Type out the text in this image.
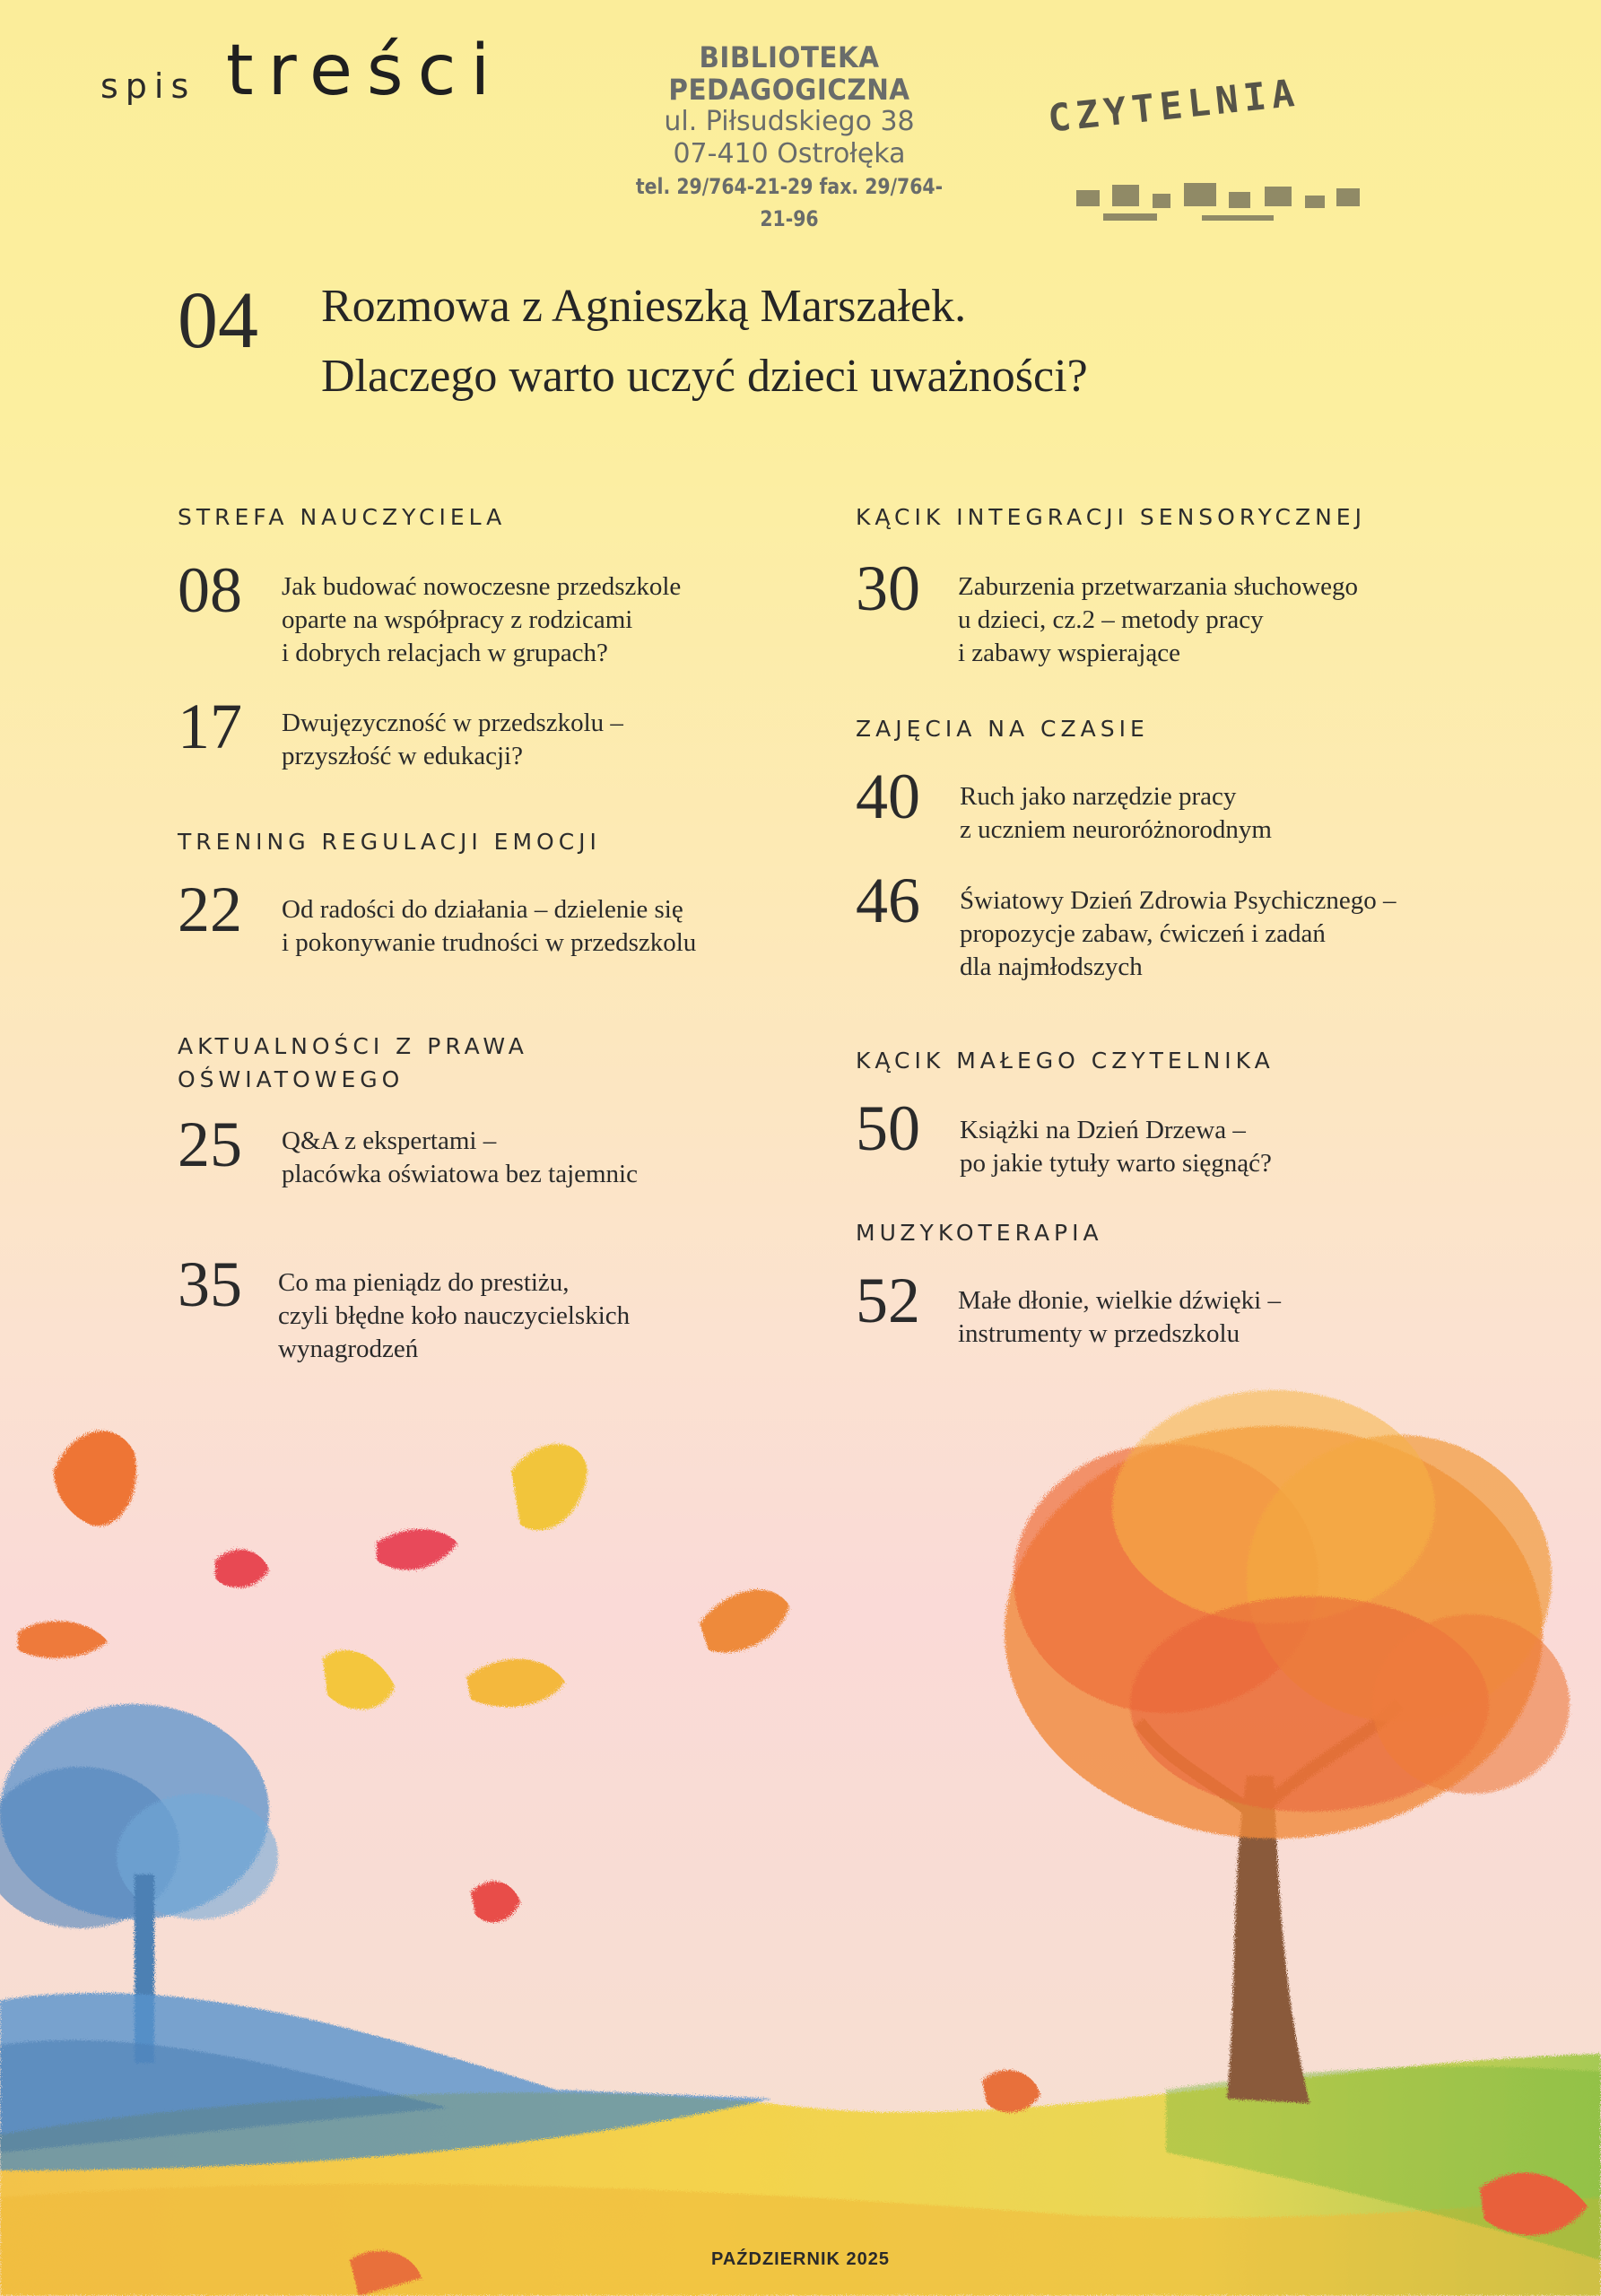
spis treści	BIBLIOTEKA PEDAGOGICZNA
ul. Piłsudskiego 38
07-410 Ostrołęka
tel. 29/764-21-29 fax. 29/764-21-96
CZYTELNIA
04 Rozmowa z Agnieszką Marszałek.
Dlaczego warto uczyć dzieci uważności?
STREFA NAUCZYCIELA
08 Jak budować nowoczesne przedszkole
oparte na współpracy z rodzicami
i dobrych relacjach w grupach?
17 Dwujęzyczność w przedszkolu –
przyszłość w edukacji?
TRENING REGULACJI EMOCJI
22 Od radości do działania – dzielenie się
i pokonywanie trudności w przedszkolu
AKTUALNOŚCI Z PRAWA
OŚWIATOWEGO
25 Q&A z ekspertami –
placówka oświatowa bez tajemnic
35 Co ma pieniądz do prestiżu,
czyli błędne koło nauczycielskich
wynagrodzeń
KĄCIK INTEGRACJI SENSORYCZNEJ
30 Zaburzenia przetwarzania słuchowego
u dzieci, cz.2 – metody pracy
i zabawy wspierające
ZAJĘCIA NA CZASIE
40 Ruch jako narzędzie pracy
z uczniem neuroróżnorodnym
46 Światowy Dzień Zdrowia Psychicznego –
propozycje zabaw, ćwiczeń i zadań
dla najmłodszych
KĄCIK MAŁEGO CZYTELNIKA
50 Książki na Dzień Drzewa –
po jakie tytuły warto sięgnąć?
MUZYKOTERAPIA
52 Małe dłonie, wielkie dźwięki –
instrumenty w przedszkolu
PAŹDZIERNIK 2025
